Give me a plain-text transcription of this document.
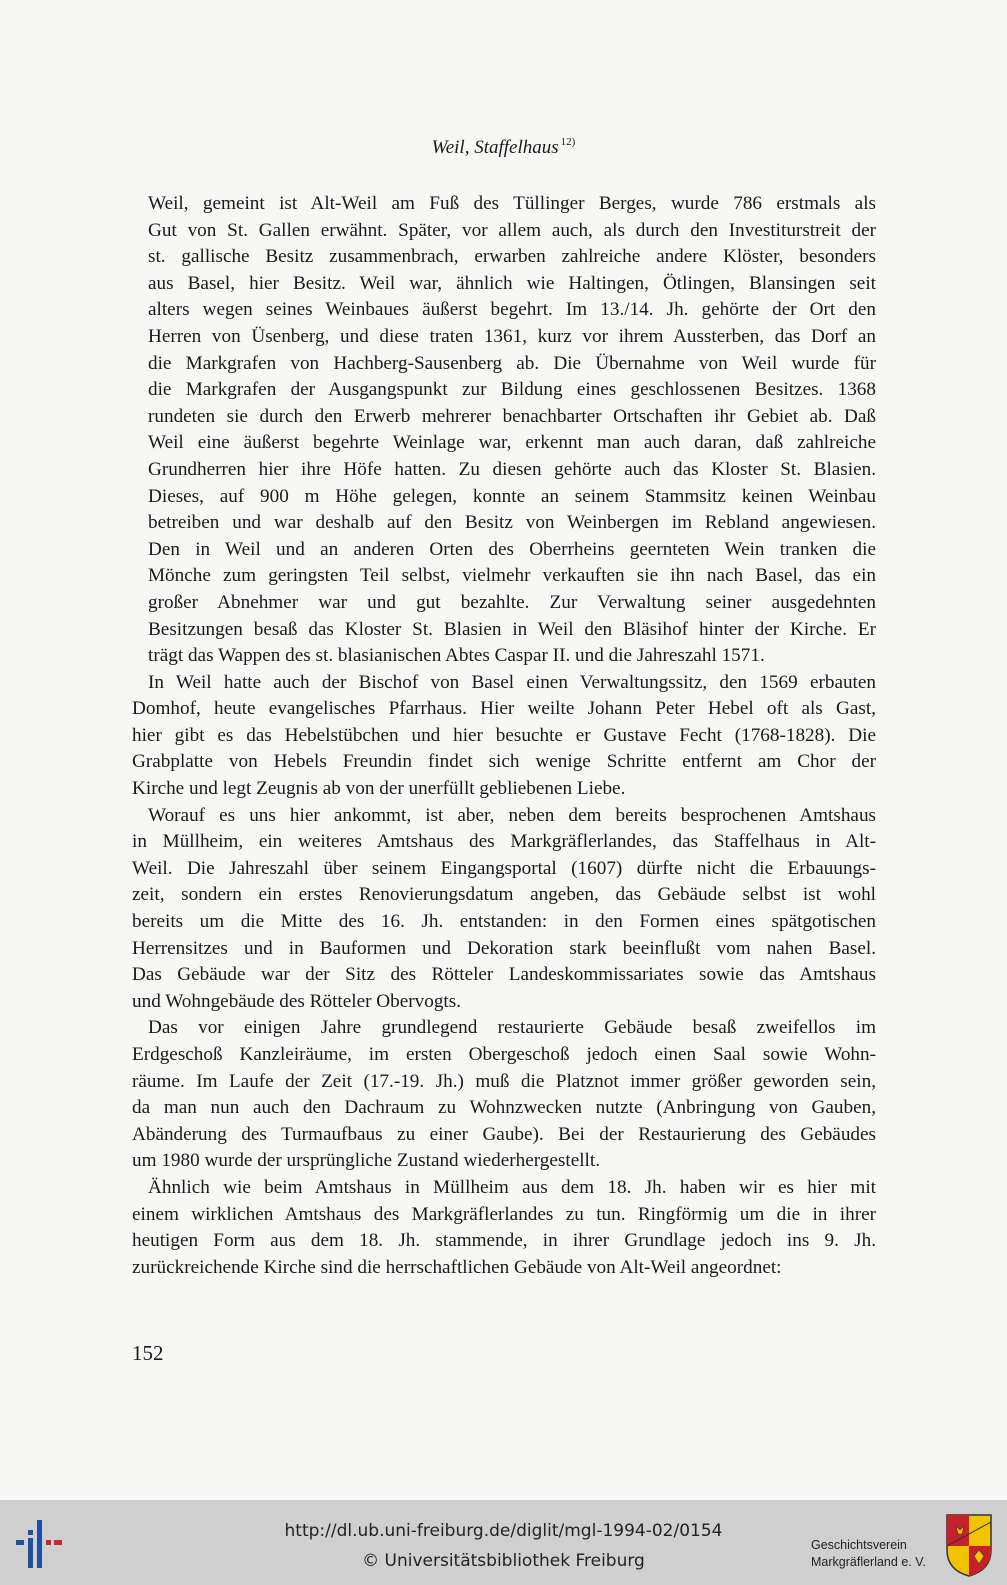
Weil, Staffelhaus $^{12)}$

Weil, gemeint ist Alt-Weil am Fuß des Tüllinger Berges, wurde 786 erstmals als
Gut von St. Gallen erwähnt. Später, vor allem auch, als durch den Investiturstreit der
st. gallische Besitz zusammenbrach, erwarben zahlreiche andere Klöster, besonders
aus Basel, hier Besitz. Weil war, ähnlich wie Haltingen, Ötlingen, Blansingen seit
alters wegen seines Weinbaues äußerst begehrt. Im 13./14. Jh. gehörte der Ort den
Herren von Üsenberg, und diese traten 1361, kurz vor ihrem Aussterben, das Dorf an
die Markgrafen von Hachberg-Sausenberg ab. Die Übernahme von Weil wurde für
die Markgrafen der Ausgangspunkt zur Bildung eines geschlossenen Besitzes. 1368
rundeten sie durch den Erwerb mehrerer benachbarter Ortschaften ihr Gebiet ab. Daß
Weil eine äußerst begehrte Weinlage war, erkennt man auch daran, daß zahlreiche
Grundherren hier ihre Höfe hatten. Zu diesen gehörte auch das Kloster St. Blasien.
Dieses, auf 900 m Höhe gelegen, konnte an seinem Stammsitz keinen Weinbau
betreiben und war deshalb auf den Besitz von Weinbergen im Rebland angewiesen.
Den in Weil und an anderen Orten des Oberrheins geernteten Wein tranken die
Mönche zum geringsten Teil selbst, vielmehr verkauften sie ihn nach Basel, das ein
großer Abnehmer war und gut bezahlte. Zur Verwaltung seiner ausgedehnten
Besitzungen besaß das Kloster St. Blasien in Weil den Bläsihof hinter der Kirche. Er
trägt das Wappen des st. blasianischen Abtes Caspar II. und die Jahreszahl 1571.

In Weil hatte auch der Bischof von Basel einen Verwaltungssitz, den 1569 erbauten
Domhof, heute evangelisches Pfarrhaus. Hier weilte Johann Peter Hebel oft als Gast,
hier gibt es das Hebelstübchen und hier besuchte er Gustave Fecht (1768-1828). Die
Grabplatte von Hebels Freundin findet sich wenige Schritte entfernt am Chor der
Kirche und legt Zeugnis ab von der unerfüllt gebliebenen Liebe.

Worauf es uns hier ankommt, ist aber, neben dem bereits besprochenen Amtshaus
in Müllheim, ein weiteres Amtshaus des Markgräflerlandes, das Staffelhaus in Alt-
Weil. Die Jahreszahl über seinem Eingangsportal (1607) dürfte nicht die Erbauungs-
zeit, sondern ein erstes Renovierungsdatum angeben, das Gebäude selbst ist wohl
bereits um die Mitte des 16. Jh. entstanden: in den Formen eines spätgotischen
Herrensitzes und in Bauformen und Dekoration stark beeinflußt vom nahen Basel.
Das Gebäude war der Sitz des Rötteler Landeskommissariates sowie das Amtshaus
und Wohngebäude des Rötteler Obervogts.

Das vor einigen Jahre grundlegend restaurierte Gebäude besaß zweifellos im
Erdgeschoß Kanzleiräume, im ersten Obergeschoß jedoch einen Saal sowie Wohn-
räume. Im Laufe der Zeit (17.-19. Jh.) muß die Platznot immer größer geworden sein,
da man nun auch den Dachraum zu Wohnzwecken nutzte (Anbringung von Gauben,
Abänderung des Turmaufbaus zu einer Gaube). Bei der Restaurierung des Gebäudes
um 1980 wurde der ursprüngliche Zustand wiederhergestellt.

Ähnlich wie beim Amtshaus in Müllheim aus dem 18. Jh. haben wir es hier mit
einem wirklichen Amtshaus des Markgräflerlandes zu tun. Ringförmig um die in ihrer
heutigen Form aus dem 18. Jh. stammende, in ihrer Grundlage jedoch ins 9. Jh.
zurückreichende Kirche sind die herrschaftlichen Gebäude von Alt-Weil angeordnet:

152
http://dl.ub.uni-freiburg.de/diglit/mgl-1994-02/0154
© Universitätsbibliothek Freiburg
Geschichtsverein
Markgräflerland e. V.
